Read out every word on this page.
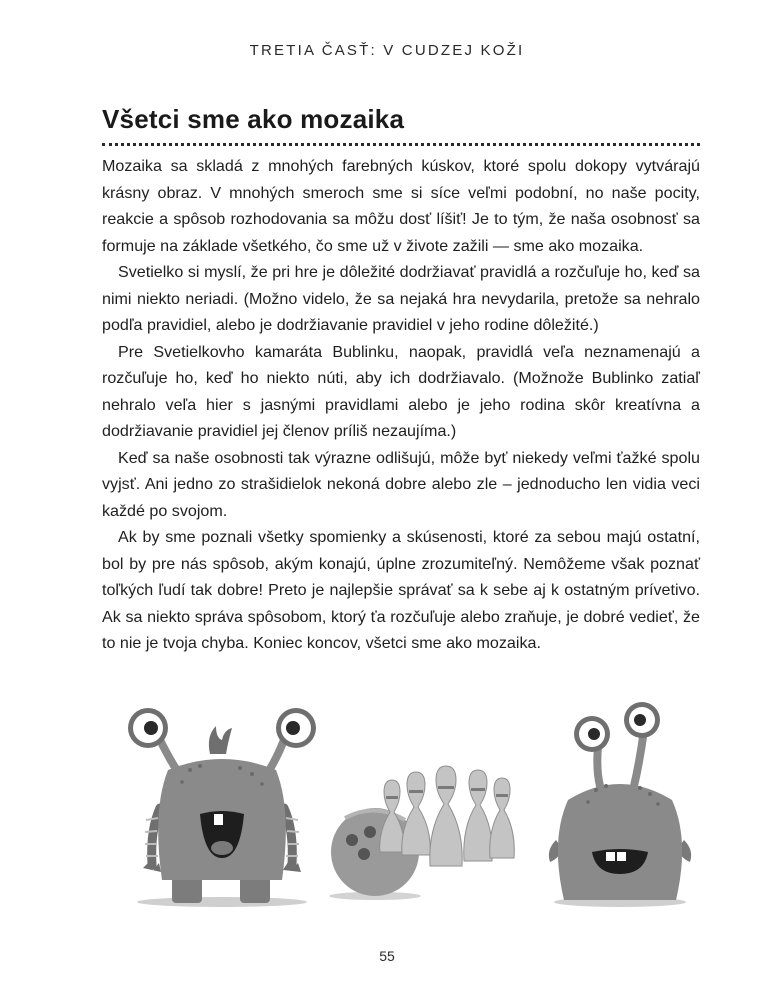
TRETIA ČASŤ: V CUDZEJ KOŽI
Všetci sme ako mozaika

Mozaika sa skladá z mnohých farebných kúskov, ktoré spolu dokopy vytvárajú krásny obraz. V mnohých smeroch sme si síce veľmi podobní, no naše pocity, reakcie a spôsob rozhodovania sa môžu dosť líšiť! Je to tým, že naša osobnosť sa formuje na základe všetkého, čo sme už v živote zažili — sme ako mozaika.

Svetielko si myslí, že pri hre je dôležité dodržiavať pravidlá a rozčuľuje ho, keď sa nimi niekto neriadi. (Možno videlo, že sa nejaká hra nevydarila, pretože sa nehralo podľa pravidiel, alebo je dodržiavanie pravidiel v jeho rodine dôležité.)

Pre Svetielkovho kamaráta Bublinku, naopak, pravidlá veľa neznamenajú a rozčuľuje ho, keď ho niekto núti, aby ich dodržiavalo. (Možnože Bublinko zatiaľ nehralo veľa hier s jasnými pravidlami alebo je jeho rodina skôr kreatívna a dodržiavanie pravidiel jej členov príliš nezaujíma.)

Keď sa naše osobnosti tak výrazne odlišujú, môže byť niekedy veľmi ťažké spolu vyjsť. Ani jedno zo strašidielok nekoná dobre alebo zle – jednoducho len vidia veci každé po svojom.

Ak by sme poznali všetky spomienky a skúsenosti, ktoré za sebou majú ostatní, bol by pre nás spôsob, akým konajú, úplne zrozumiteľný. Nemôžeme však poznať toľkých ľudí tak dobre! Preto je najlepšie správať sa k sebe aj k ostatným prívetivo. Ak sa niekto správa spôsobom, ktorý ťa rozčuľuje alebo zraňuje, je dobré vedieť, že to nie je tvoja chyba. Koniec koncov, všetci sme ako mozaika.

55
